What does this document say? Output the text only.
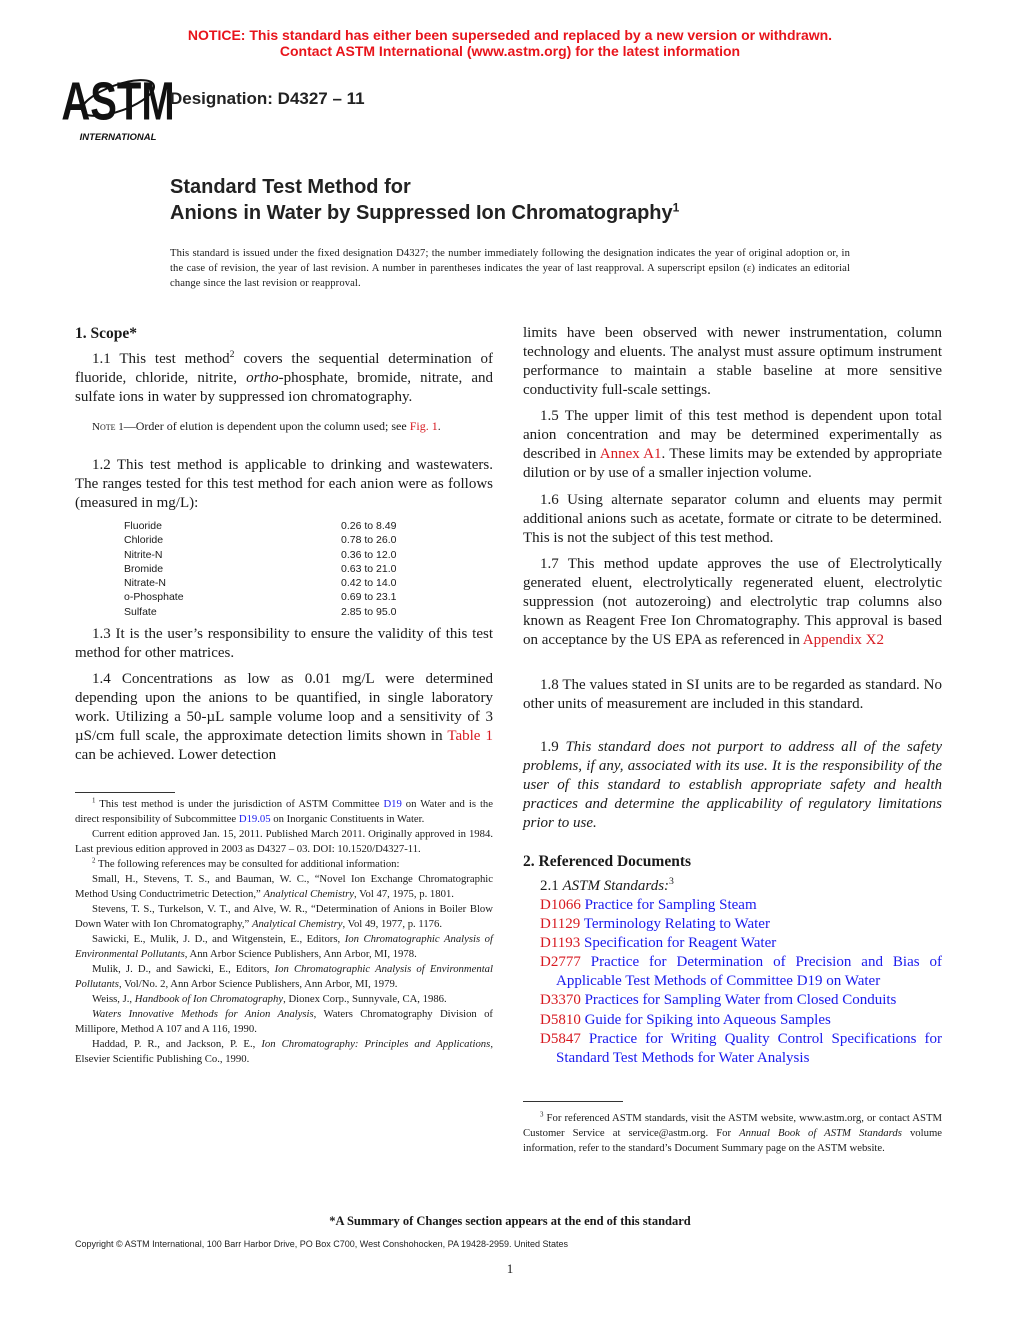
NOTICE: This standard has either been superseded and replaced by a new version or withdrawn.
Contact ASTM International (www.astm.org) for the latest information
ASTM
INTERNATIONAL
Designation: D4327 – 11
Standard Test Method for
Anions in Water by Suppressed Ion Chromatography$^1$
This standard is issued under the fixed designation D4327; the number immediately following the designation indicates the year of original adoption or, in the case of revision, the year of last revision. A number in parentheses indicates the year of last reapproval. A superscript epsilon (ε) indicates an editorial change since the last revision or reapproval.
1. Scope*

1.1 This test method$^2$ covers the sequential determination of fluoride, chloride, nitrite, ortho-phosphate, bromide, nitrate, and sulfate ions in water by suppressed ion chromatography.

Note 1—Order of elution is dependent upon the column used; see Fig. 1.

1.2 This test method is applicable to drinking and wastewaters. The ranges tested for this test method for each anion were as follows (measured in mg/L):

Fluoride	0.26 to 8.49
Chloride	0.78 to 26.0
Nitrite-N	0.36 to 12.0
Bromide	0.63 to 21.0
Nitrate-N	0.42 to 14.0
o-Phosphate	0.69 to 23.1
Sulfate	2.85 to 95.0

1.3 It is the user’s responsibility to ensure the validity of this test method for other matrices.

1.4 Concentrations as low as 0.01 mg/L were determined depending upon the anions to be quantified, in single laboratory work. Utilizing a 50-µL sample volume loop and a sensitivity of 3 µS/cm full scale, the approximate detection limits shown in Table 1 can be achieved. Lower detection

$^1$ This test method is under the jurisdiction of ASTM Committee D19 on Water and is the direct responsibility of Subcommittee D19.05 on Inorganic Constituents in Water.

Current edition approved Jan. 15, 2011. Published March 2011. Originally approved in 1984. Last previous edition approved in 2003 as D4327 – 03. DOI: 10.1520/D4327-11.

$^2$ The following references may be consulted for additional information:

Small, H., Stevens, T. S., and Bauman, W. C., “Novel Ion Exchange Chromatographic Method Using Conductrimetric Detection,” Analytical Chemistry, Vol 47, 1975, p. 1801.

Stevens, T. S., Turkelson, V. T., and Alve, W. R., “Determination of Anions in Boiler Blow Down Water with Ion Chromatography,” Analytical Chemistry, Vol 49, 1977, p. 1176.

Sawicki, E., Mulik, J. D., and Witgenstein, E., Editors, Ion Chromatographic Analysis of Environmental Pollutants, Ann Arbor Science Publishers, Ann Arbor, MI, 1978.

Mulik, J. D., and Sawicki, E., Editors, Ion Chromatographic Analysis of Environmental Pollutants, Vol/No. 2, Ann Arbor Science Publishers, Ann Arbor, MI, 1979.

Weiss, J., Handbook of Ion Chromatography, Dionex Corp., Sunnyvale, CA, 1986.

Waters Innovative Methods for Anion Analysis, Waters Chromatography Division of Millipore, Method A 107 and A 116, 1990.

Haddad, P. R., and Jackson, P. E., Ion Chromatography: Principles and Applications, Elsevier Scientific Publishing Co., 1990.

limits have been observed with newer instrumentation, column technology and eluents. The analyst must assure optimum instrument performance to maintain a stable baseline at more sensitive conductivity full-scale settings.

1.5 The upper limit of this test method is dependent upon total anion concentration and may be determined experimentally as described in Annex A1. These limits may be extended by appropriate dilution or by use of a smaller injection volume.

1.6 Using alternate separator column and eluents may permit additional anions such as acetate, formate or citrate to be determined. This is not the subject of this test method.

1.7 This method update approves the use of Electrolytically generated eluent, electrolytically regenerated eluent, electrolytic suppression (not autozeroing) and electrolytic trap columns also known as Reagent Free Ion Chromatography. This approval is based on acceptance by the US EPA as referenced in Appendix X2

1.8 The values stated in SI units are to be regarded as standard. No other units of measurement are included in this standard.

1.9 This standard does not purport to address all of the safety problems, if any, associated with its use. It is the responsibility of the user of this standard to establish appropriate safety and health practices and determine the applicability of regulatory limitations prior to use.

2. Referenced Documents

2.1 ASTM Standards:$^3$

D1066 Practice for Sampling Steam

D1129 Terminology Relating to Water

D1193 Specification for Reagent Water

D2777 Practice for Determination of Precision and Bias of Applicable Test Methods of Committee D19 on Water

D3370 Practices for Sampling Water from Closed Conduits

D5810 Guide for Spiking into Aqueous Samples

D5847 Practice for Writing Quality Control Specifications for Standard Test Methods for Water Analysis

$^3$ For referenced ASTM standards, visit the ASTM website, www.astm.org, or contact ASTM Customer Service at service@astm.org. For Annual Book of ASTM Standards volume information, refer to the standard’s Document Summary page on the ASTM website.

*A Summary of Changes section appears at the end of this standard
Copyright © ASTM International, 100 Barr Harbor Drive, PO Box C700, West Conshohocken, PA 19428-2959. United States
1
